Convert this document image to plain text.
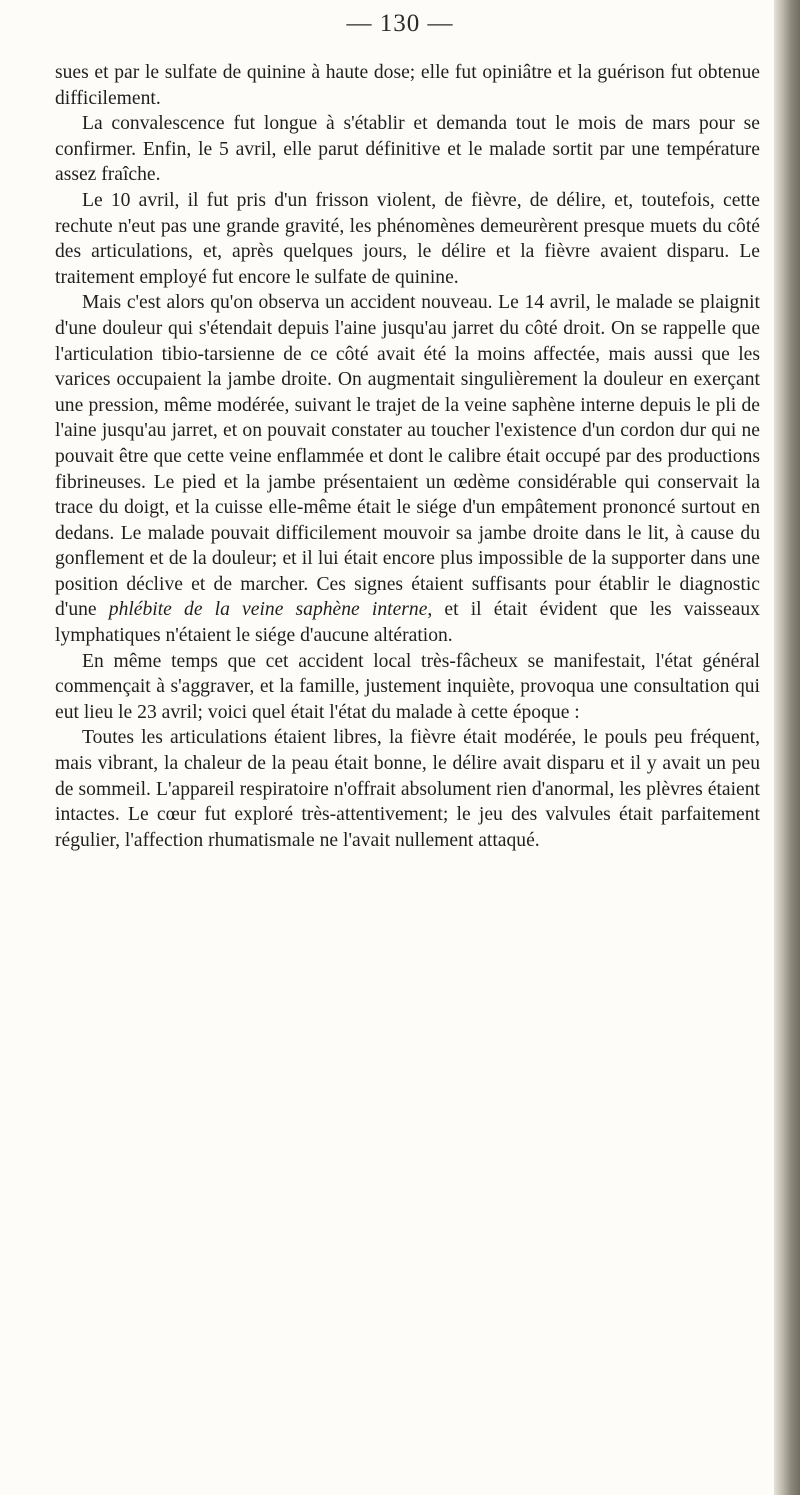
— 130 —

sues et par le sulfate de quinine à haute dose; elle fut opiniâtre et la guérison fut obtenue difficilement.

La convalescence fut longue à s'établir et demanda tout le mois de mars pour se confirmer. Enfin, le 5 avril, elle parut définitive et le malade sortit par une température assez fraîche.

Le 10 avril, il fut pris d'un frisson violent, de fièvre, de délire, et, toutefois, cette rechute n'eut pas une grande gravité, les phénomènes demeurèrent presque muets du côté des articulations, et, après quelques jours, le délire et la fièvre avaient disparu. Le traitement employé fut encore le sulfate de quinine.

Mais c'est alors qu'on observa un accident nouveau. Le 14 avril, le malade se plaignit d'une douleur qui s'étendait depuis l'aine jusqu'au jarret du côté droit. On se rappelle que l'articulation tibio-tarsienne de ce côté avait été la moins affectée, mais aussi que les varices occupaient la jambe droite. On augmentait singulièrement la douleur en exerçant une pression, même modérée, suivant le trajet de la veine saphène interne depuis le pli de l'aine jusqu'au jarret, et on pouvait constater au toucher l'existence d'un cordon dur qui ne pouvait être que cette veine enflammée et dont le calibre était occupé par des productions fibrineuses. Le pied et la jambe présentaient un œdème considérable qui conservait la trace du doigt, et la cuisse elle-même était le siége d'un empâtement prononcé surtout en dedans. Le malade pouvait difficilement mouvoir sa jambe droite dans le lit, à cause du gonflement et de la douleur; et il lui était encore plus impossible de la supporter dans une position déclive et de marcher. Ces signes étaient suffisants pour établir le diagnostic d'une phlébite de la veine saphène interne, et il était évident que les vaisseaux lymphatiques n'étaient le siége d'aucune altération.

En même temps que cet accident local très-fâcheux se manifestait, l'état général commençait à s'aggraver, et la famille, justement inquiète, provoqua une consultation qui eut lieu le 23 avril; voici quel était l'état du malade à cette époque :

Toutes les articulations étaient libres, la fièvre était modérée, le pouls peu fréquent, mais vibrant, la chaleur de la peau était bonne, le délire avait disparu et il y avait un peu de sommeil. L'appareil respiratoire n'offrait absolument rien d'anormal, les plèvres étaient intactes. Le cœur fut exploré très-attentivement; le jeu des valvules était parfaitement régulier, l'affection rhumatismale ne l'avait nullement attaqué.
